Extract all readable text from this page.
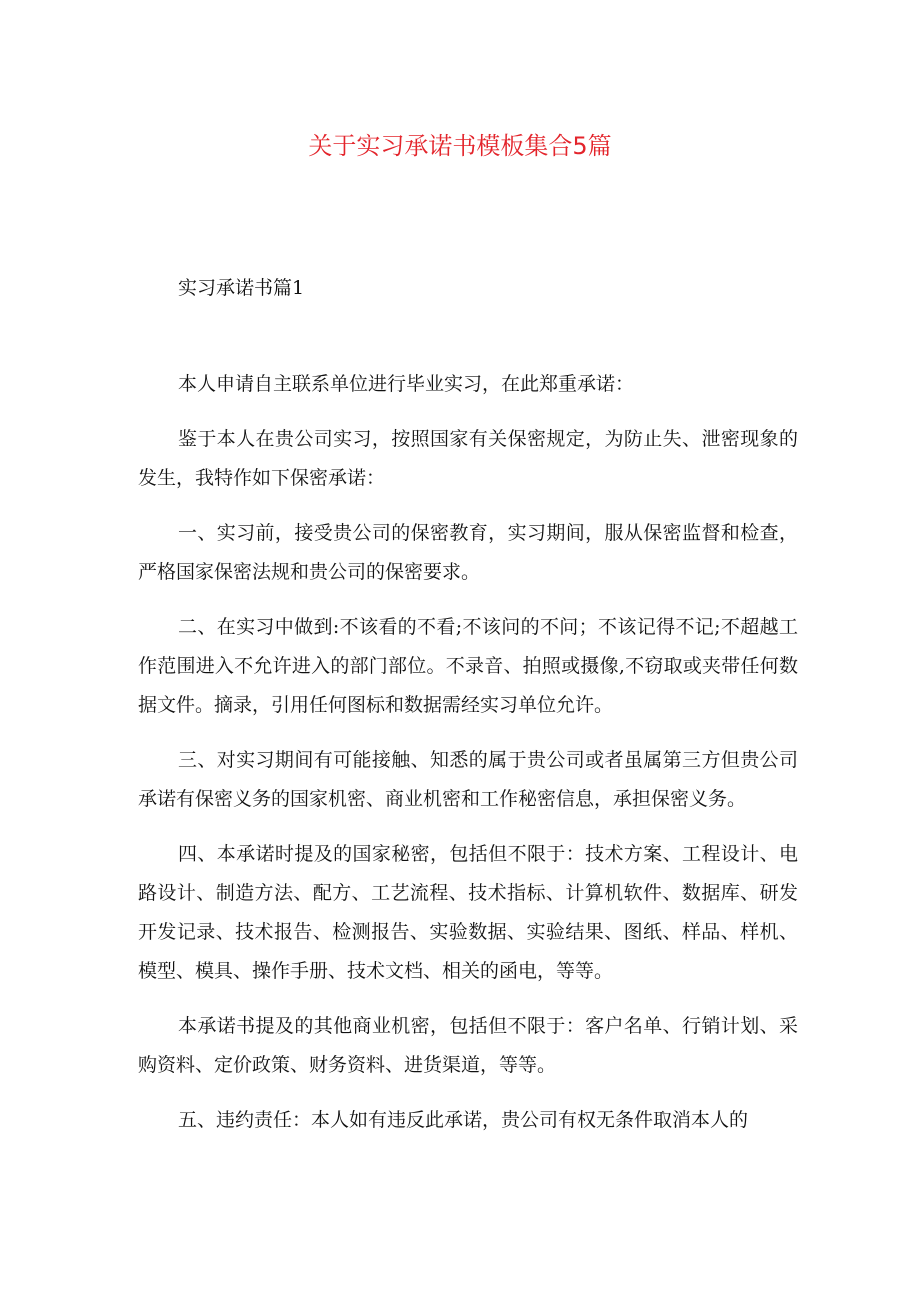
关于实习承诺书模板集合5篇
实习承诺书篇1

本人申请自主联系单位进行毕业实习，在此郑重承诺：

鉴于本人在贵公司实习，按照国家有关保密规定，为防止失、泄密现象的发生，我特作如下保密承诺：

一、实习前，接受贵公司的保密教育，实习期间，服从保密监督和检查，严格国家保密法规和贵公司的保密要求。

二、在实习中做到:不该看的不看;不该问的不问；不该记得不记;不超越工作范围进入不允许进入的部门部位。不录音、拍照或摄像,不窃取或夹带任何数据文件。摘录，引用任何图标和数据需经实习单位允许。

三、对实习期间有可能接触、知悉的属于贵公司或者虽属第三方但贵公司承诺有保密义务的国家机密、商业机密和工作秘密信息，承担保密义务。

四、本承诺时提及的国家秘密，包括但不限于：技术方案、工程设计、电路设计、制造方法、配方、工艺流程、技术指标、计算机软件、数据库、研发开发记录、技术报告、检测报告、实验数据、实验结果、图纸、样品、样机、模型、模具、操作手册、技术文档、相关的函电，等等。

本承诺书提及的其他商业机密，包括但不限于：客户名单、行销计划、采购资料、定价政策、财务资料、进货渠道，等等。

五、违约责任：本人如有违反此承诺，贵公司有权无条件取消本人的
